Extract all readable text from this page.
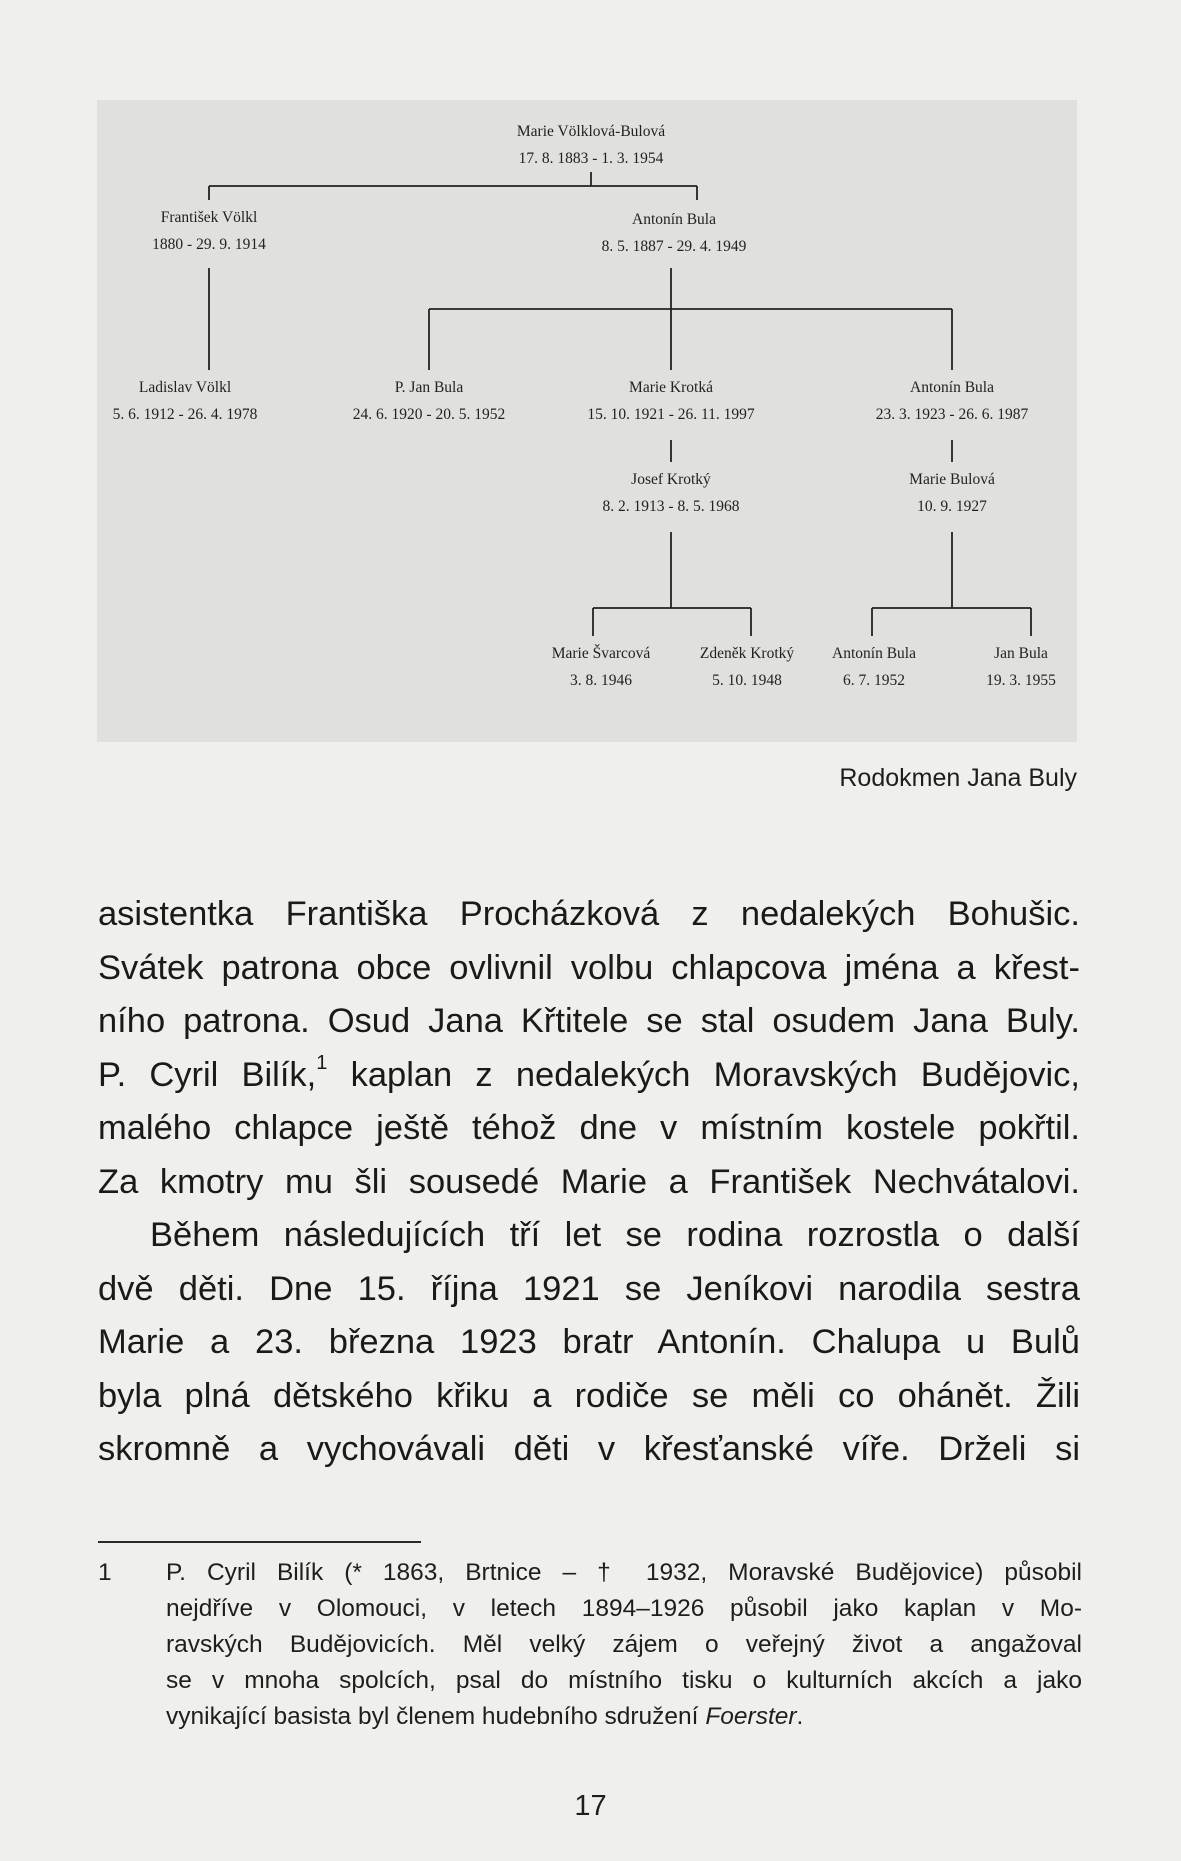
Marie Völklová-Bulová
17. 8. 1883 - 1. 3. 1954
František Völkl
1880 - 29. 9. 1914
Antonín Bula
8. 5. 1887 - 29. 4. 1949
Ladislav Völkl
5. 6. 1912 - 26. 4. 1978
P. Jan Bula
24. 6. 1920 - 20. 5. 1952
Marie Krotká
15. 10. 1921 - 26. 11. 1997
Antonín Bula
23. 3. 1923 - 26. 6. 1987
Josef Krotký
8. 2. 1913 - 8. 5. 1968
Marie Bulová
10. 9. 1927
Marie Švarcová
3. 8. 1946
Zdeněk Krotký
5. 10. 1948
Antonín Bula
6. 7. 1952
Jan Bula
19. 3. 1955
Rodokmen Jana Buly
asistentka Františka Procházková z nedalekých Bohušic.
Svátek patrona obce ovlivnil volbu chlapcova jména a křest-
ního patrona. Osud Jana Křtitele se stal osudem Jana Buly.
P. Cyril Bilík,$^1$ kaplan z nedalekých Moravských Budějovic,
malého chlapce ještě téhož dne v místním kostele pokřtil.
Za kmotry mu šli sousedé Marie a František Nechvátalovi.
Během následujících tří let se rodina rozrostla o další
dvě děti. Dne 15. října 1921 se Jeníkovi narodila sestra
Marie a 23. března 1923 bratr Antonín. Chalupa u Bulů
byla plná dětského křiku a rodiče se měli co ohánět. Žili
skromně a vychovávali děti v křesťanské víře. Drželi si
1 P. Cyril Bilík (* 1863, Brtnice – † 1932, Moravské Budějovice) působil
nejdříve v Olomouci, v letech 1894–1926 působil jako kaplan v Mo-
ravských Budějovicích. Měl velký zájem o veřejný život a angažoval
se v mnoha spolcích, psal do místního tisku o kulturních akcích a jako
vynikající basista byl členem hudebního sdružení Foerster.
17
